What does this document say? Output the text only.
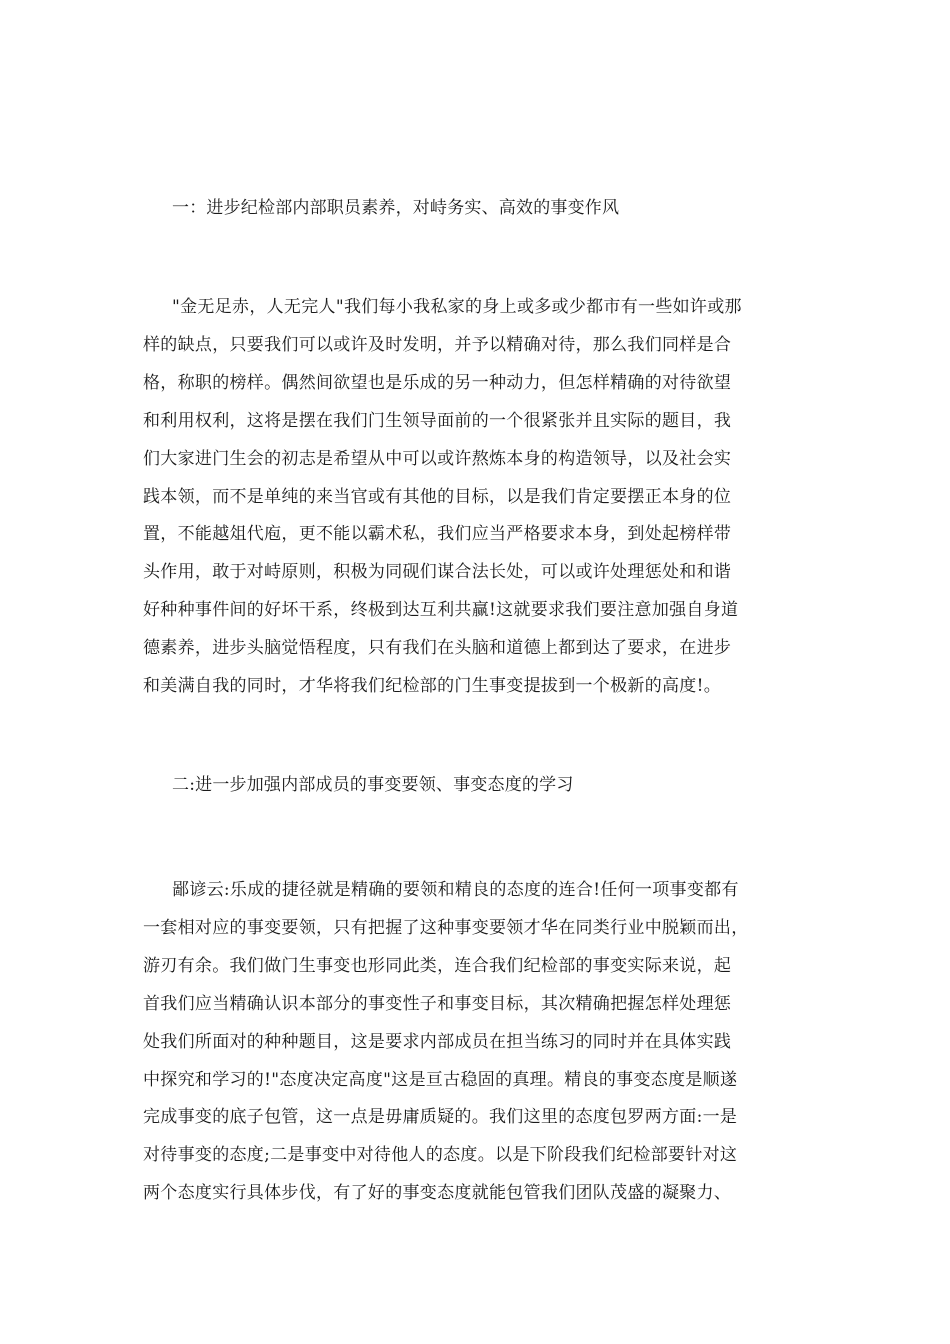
一：进步纪检部内部职员素养，对峙务实、高效的事变作风
"金无足赤，人无完人"我们每小我私家的身上或多或少都市有一些如许或那
样的缺点，只要我们可以或许及时发明，并予以精确对待，那么我们同样是合
格，称职的榜样。偶然间欲望也是乐成的另一种动力，但怎样精确的对待欲望
和利用权利，这将是摆在我们门生领导面前的一个很紧张并且实际的题目，我
们大家进门生会的初志是希望从中可以或许熬炼本身的构造领导，以及社会实
践本领，而不是单纯的来当官或有其他的目标，以是我们肯定要摆正本身的位
置，不能越俎代庖，更不能以霸术私，我们应当严格要求本身，到处起榜样带
头作用，敢于对峙原则，积极为同砚们谋合法长处，可以或许处理惩处和和谐
好种种事件间的好坏干系，终极到达互利共赢!这就要求我们要注意加强自身道
德素养，进步头脑觉悟程度，只有我们在头脑和道德上都到达了要求，在进步
和美满自我的同时，才华将我们纪检部的门生事变提拔到一个极新的高度!。
二:进一步加强内部成员的事变要领、事变态度的学习
鄙谚云:乐成的捷径就是精确的要领和精良的态度的连合!任何一项事变都有
一套相对应的事变要领，只有把握了这种事变要领才华在同类行业中脱颖而出，
游刃有余。我们做门生事变也形同此类，连合我们纪检部的事变实际来说，起
首我们应当精确认识本部分的事变性子和事变目标，其次精确把握怎样处理惩
处我们所面对的种种题目，这是要求内部成员在担当练习的同时并在具体实践
中探究和学习的!"态度决定高度"这是亘古稳固的真理。精良的事变态度是顺遂
完成事变的底子包管，这一点是毋庸质疑的。我们这里的态度包罗两方面:一是
对待事变的态度;二是事变中对待他人的态度。以是下阶段我们纪检部要针对这
两个态度实行具体步伐，有了好的事变态度就能包管我们团队茂盛的凝聚力、
